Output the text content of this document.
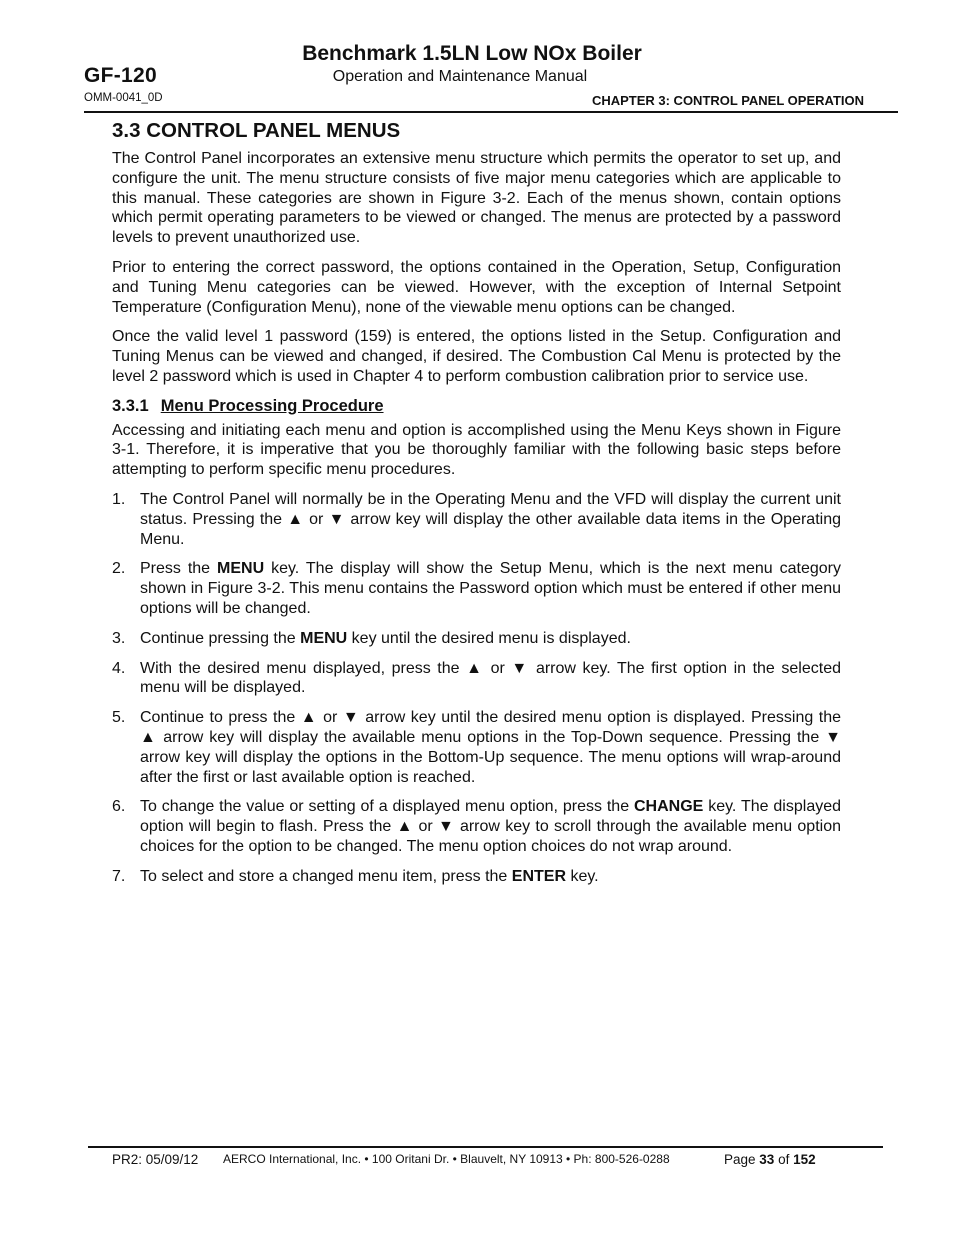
Benchmark 1.5LN Low NOx Boiler
Operation and Maintenance Manual
GF-120
OMM-0041_0D	CHAPTER 3: CONTROL PANEL OPERATION
3.3 CONTROL PANEL MENUS

The Control Panel incorporates an extensive menu structure which permits the operator to set up, and configure the unit. The menu structure consists of five major menu categories which are applicable to this manual. These categories are shown in Figure 3-2. Each of the menus shown, contain options which permit operating parameters to be viewed or changed. The menus are protected by a password levels to prevent unauthorized use.

Prior to entering the correct password, the options contained in the Operation, Setup, Configuration and Tuning Menu categories can be viewed. However, with the exception of Internal Setpoint Temperature (Configuration Menu), none of the viewable menu options can be changed.

Once the valid level 1 password (159) is entered, the options listed in the Setup. Configuration and Tuning Menus can be viewed and changed, if desired. The Combustion Cal Menu is protected by the level 2 password which is used in Chapter 4 to perform combustion calibration prior to service use.

3.3.1 Menu Processing Procedure

Accessing and initiating each menu and option is accomplished using the Menu Keys shown in Figure 3-1. Therefore, it is imperative that you be thoroughly familiar with the following basic steps before attempting to perform specific menu procedures.

1. The Control Panel will normally be in the Operating Menu and the VFD will display the current unit status. Pressing the ▲ or ▼ arrow key will display the other available data items in the Operating Menu.
2. Press the MENU key. The display will show the Setup Menu, which is the next menu category shown in Figure 3-2. This menu contains the Password option which must be entered if other menu options will be changed.
3. Continue pressing the MENU key until the desired menu is displayed.
4. With the desired menu displayed, press the ▲ or ▼ arrow key. The first option in the selected menu will be displayed.
5. Continue to press the ▲ or ▼ arrow key until the desired menu option is displayed. Pressing the ▲ arrow key will display the available menu options in the Top-Down sequence. Pressing the ▼ arrow key will display the options in the Bottom-Up sequence. The menu options will wrap-around after the first or last available option is reached.
6. To change the value or setting of a displayed menu option, press the CHANGE key. The displayed option will begin to flash. Press the ▲ or ▼ arrow key to scroll through the available menu option choices for the option to be changed. The menu option choices do not wrap around.
7. To select and store a changed menu item, press the ENTER key.
PR2: 05/09/12 AERCO International, Inc. • 100 Oritani Dr. • Blauvelt, NY 10913 • Ph: 800-526-0288	Page 33 of 152
